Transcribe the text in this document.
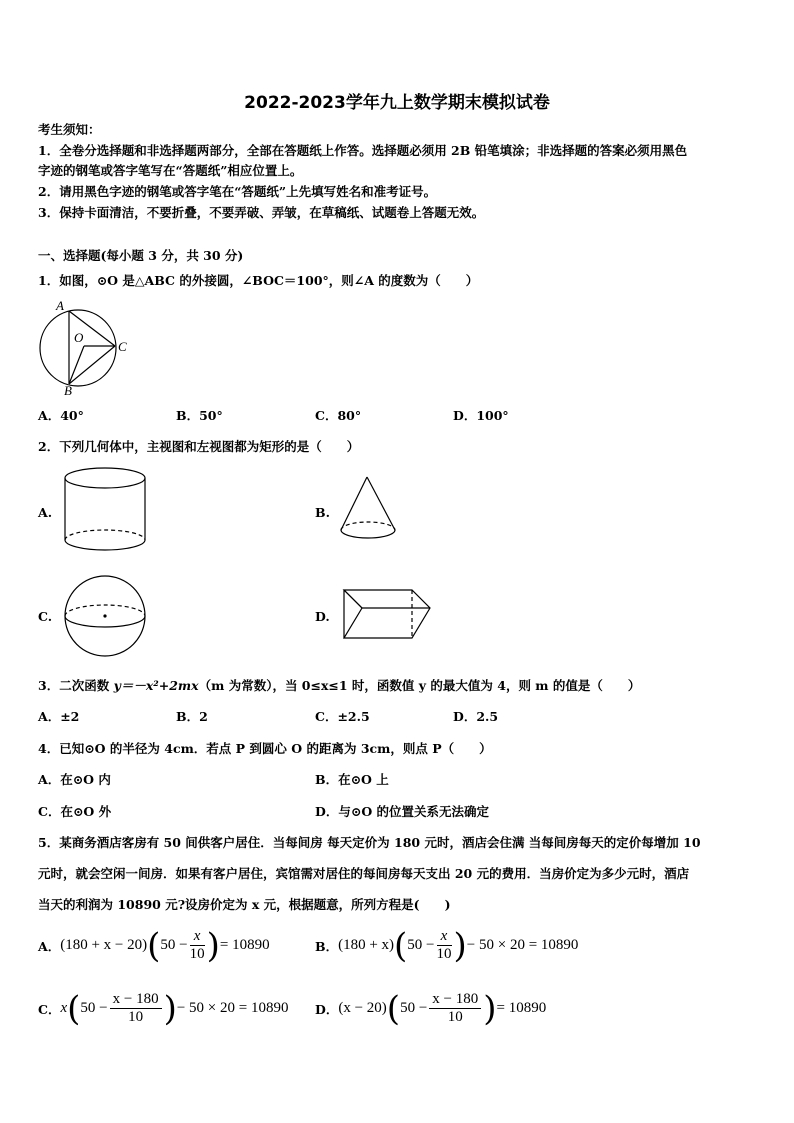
2022-2023学年九上数学期末模拟试卷
考生须知：
1．全卷分选择题和非选择题两部分，全部在答题纸上作答。选择题必须用 2B 铅笔填涂；非选择题的答案必须用黑色
字迹的钢笔或答字笔写在“答题纸”相应位置上。
2．请用黑色字迹的钢笔或答字笔在“答题纸”上先填写姓名和准考证号。
3．保持卡面清洁，不要折叠，不要弄破、弄皱，在草稿纸、试题卷上答题无效。
一、选择题(每小题 3 分，共 30 分)
1．如图，⊙O 是△ABC 的外接圆，∠BOC＝100°，则∠A 的度数为（　　）
A
O
C
B
A．40°	B．50°	C．80°	D．100°
2．下列几何体中，主视图和左视图都为矩形的是（　　）
A.	B.
C.	D.
3．二次函数 y＝－x²+2mx（m 为常数），当 0≤x≤1 时，函数值 y 的最大值为 4，则 m 的值是（　　）
A．±2	B．2	C．±2.5	D．2.5
4．已知⊙O 的半径为 4cm．若点 P 到圆心 O 的距离为 3cm，则点 P（　　）
A．在⊙O 内	B．在⊙O 上
C．在⊙O 外	D．与⊙O 的位置关系无法确定
5．某商务酒店客房有 50 间供客户居住．当每间房 每天定价为 180 元时，酒店会住满 当每间房每天的定价每增加 10
元时，就会空闲一间房．如果有客户居住，宾馆需对居住的每间房每天支出 20 元的费用．当房价定为多少元时，酒店
当天的利润为 10890 元?设房价定为 x 元，根据题意，所列方程是(　　)
A． (180 + x − 20) ( $50 - \frac{x}{10}$ ) = 10890	B． (180 + x) ( $50 - \frac{x}{10}$ ) − 50 × 20 = 10890
C． x ( $50 - \frac{x - 180}{10}$ ) − 50 × 20 = 10890 D． (x − 20) ( $50 - \frac{x - 180}{10}$ ) = 10890
